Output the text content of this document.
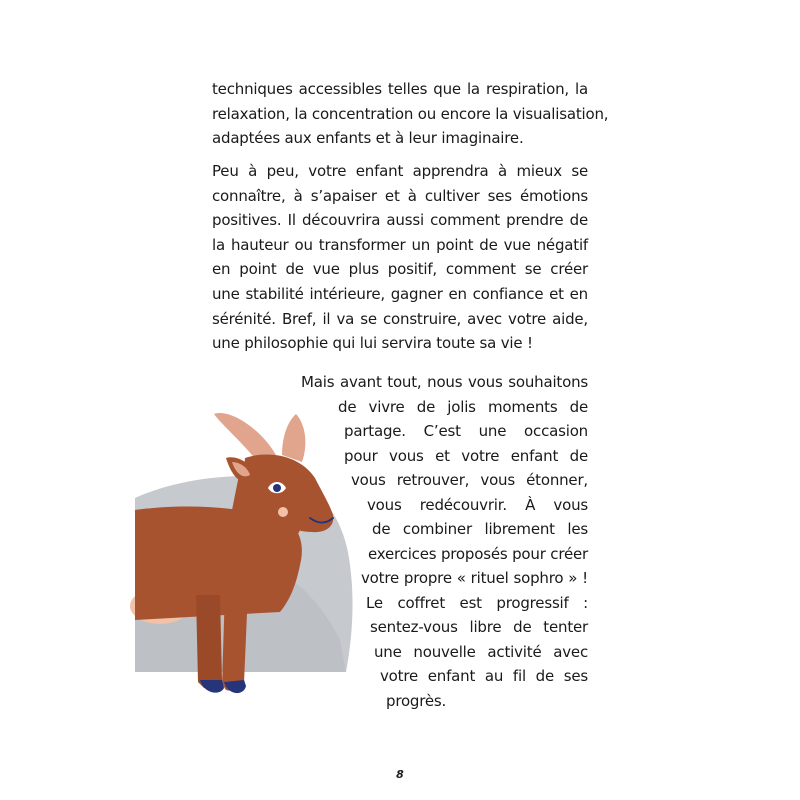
techniques accessibles telles que la respiration, la
relaxation, la concentration ou encore la visualisation,
adaptées aux enfants et à leur imaginaire.

Peu à peu, votre enfant apprendra à mieux se
connaître, à s’apaiser et à cultiver ses émotions
positives. Il découvrira aussi comment prendre de
la hauteur ou transformer un point de vue négatif
en point de vue plus positif, comment se créer
une stabilité intérieure, gagner en confiance et en
sérénité. Bref, il va se construire, avec votre aide,
une philosophie qui lui servira toute sa vie !

Mais avant tout, nous vous souhaitons
de vivre de jolis moments de
partage. C’est une occasion
pour vous et votre enfant de
vous retrouver, vous étonner,
vous redécouvrir. À vous
de combiner librement les
exercices proposés pour créer
votre propre « rituel sophro » !
Le coffret est progressif :
sentez-vous libre de tenter
une nouvelle activité avec
votre enfant au fil de ses
progrès.
8
